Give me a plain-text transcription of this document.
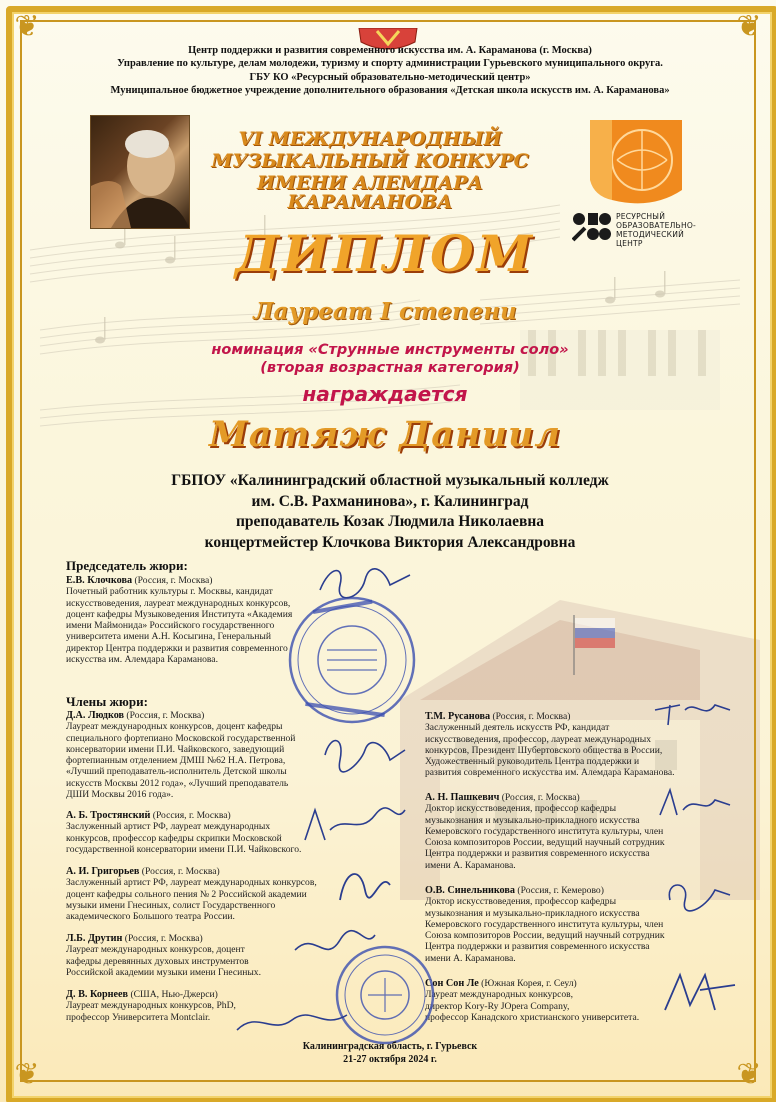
❦	❦
❦	❦
Центр поддержки и развития современного искусства им. А. Караманова (г. Москва)
Управление по культуре, делам молодежи, туризму и спорту администрации Гурьевского муниципального округа.
ГБУ КО «Ресурсный образовательно-методический центр»
Муниципальное бюджетное учреждение дополнительного образования «Детская школа искусств им. А. Караманова»
VI МЕЖДУНАРОДНЫЙ
МУЗЫКАЛЬНЫЙ КОНКУРС
ИМЕНИ АЛЕМДАРА КАРАМАНОВА
РЕСУРСНЫЙ
ОБРАЗОВАТЕЛЬНО-
МЕТОДИЧЕСКИЙ
ЦЕНТР
ДИПЛОМ
Лауреат I степени
номинация «Струнные инструменты соло»
(вторая возрастная категория)
награждается
Матяж Даниил
ГБПОУ «Калининградский областной музыкальный колледж
им. С.В. Рахманинова», г. Калининград
преподаватель Козак Людмила Николаевна
концертмейстер Клочкова Виктория Александровна
Председатель жюри:
Е.В. Клочкова (Россия, г. Москва)
Почетный работник культуры г. Москвы, кандидат
искусствоведения, лауреат международных конкурсов,
доцент кафедры Музыковедения Института «Академия
имени Маймонида» Российского государственного
университета имени А.Н. Косыгина, Генеральный
директор Центра поддержки и развития современного
искусства им. Алемдара Караманова.
Члены жюри:
Д.А. Людков (Россия, г. Москва)
Лауреат международных конкурсов, доцент кафедры
специального фортепиано Московской государственной
консерватории имени П.И. Чайковского, заведующий
фортепианным отделением ДМШ №62 Н.А. Петрова,
«Лучший преподаватель-исполнитель Детской школы
искусств Москвы 2012 года», «Лучший преподаватель
ДШИ Москвы 2016 года».
А. Б. Тростянский (Россия, г. Москва)
Заслуженный артист РФ, лауреат международных
конкурсов, профессор кафедры скрипки Московской
государственной консерватории имени П.И. Чайковского.
А. И. Григорьев (Россия, г. Москва)
Заслуженный артист РФ, лауреат международных конкурсов,
доцент кафедры сольного пения № 2 Российской академии
музыки имени Гнесиных, солист Государственного
академического Большого театра России.
Л.Б. Друтин (Россия, г. Москва)
Лауреат международных конкурсов, доцент
кафедры деревянных духовых инструментов
Российской академии музыки имени Гнесиных.
Д. В. Корнеев (США, Нью-Джерси)
Лауреат международных конкурсов, PhD,
профессор Университета Montclair.
Т.М. Русанова (Россия, г. Москва)
Заслуженный деятель искусств РФ, кандидат
искусствоведения, профессор, лауреат международных
конкурсов, Президент Шубертовского общества в России,
Художественный руководитель Центра поддержки и
развития современного искусства им. Алемдара Караманова.
А. Н. Пашкевич (Россия, г. Москва)
Доктор искусствоведения, профессор кафедры
музыкознания и музыкально-прикладного искусства
Кемеровского государственного института культуры, член
Союза композиторов России, ведущий научный сотрудник
Центра поддержки и развития современного искусства
имени А. Караманова.
О.В. Синельникова (Россия, г. Кемерово)
Доктор искусствоведения, профессор кафедры
музыкознания и музыкально-прикладного искусства
Кемеровского государственного института культуры, член
Союза композиторов России, ведущий научный сотрудник
Центра поддержки и развития современного искусства
имени А. Караманова.
Сон Сон Ле (Южная Корея, г. Сеул)
Лауреат международных конкурсов,
директор Kory-Ry JOpera Company,
профессор Канадского христианского университета.
Калининградская область, г. Гурьевск
21-27 октября 2024 г.
